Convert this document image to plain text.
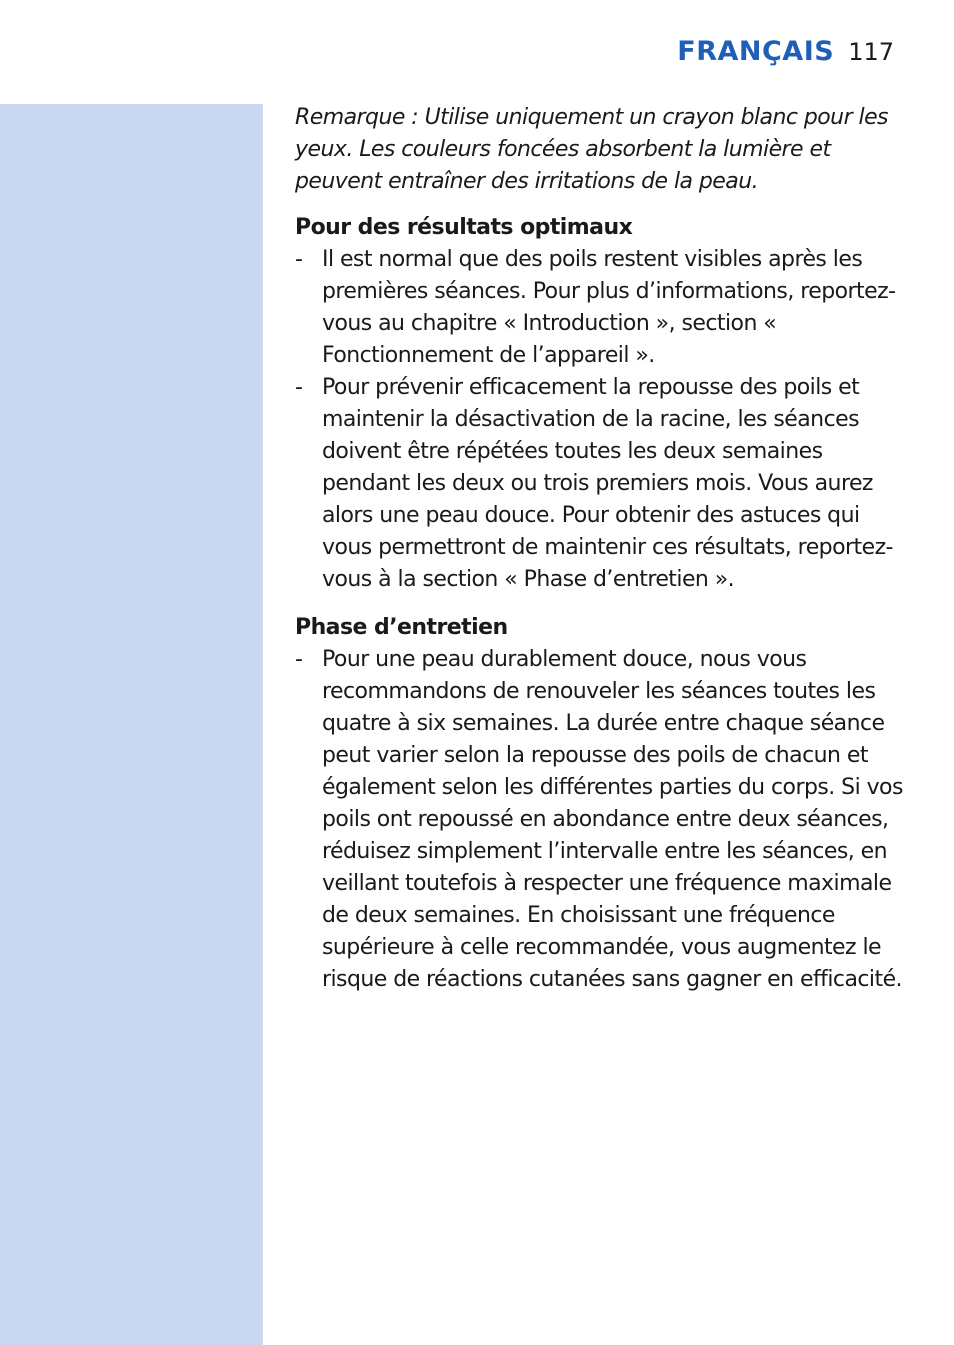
FRANÇAIS 117

Remarque : Utilise uniquement un crayon blanc pour les yeux. Les couleurs foncées absorbent la lumière et peuvent entraîner des irritations de la peau.

Pour des résultats optimaux

- Il est normal que des poils restent visibles après les premières séances. Pour plus d’informations, reportez-vous au chapitre « Introduction », section « Fonctionnement de l’appareil ».
- Pour prévenir efficacement la repousse des poils et maintenir la désactivation de la racine, les séances doivent être répétées toutes les deux semaines pendant les deux ou trois premiers mois. Vous aurez alors une peau douce. Pour obtenir des astuces qui vous permettront de maintenir ces résultats, reportez-vous à la section « Phase d’entretien ».

Phase d’entretien

- Pour une peau durablement douce, nous vous recommandons de renouveler les séances toutes les quatre à six semaines. La durée entre chaque séance peut varier selon la repousse des poils de chacun et également selon les différentes parties du corps. Si vos poils ont repoussé en abondance entre deux séances, réduisez simplement l’intervalle entre les séances, en veillant toutefois à respecter une fréquence maximale de deux semaines. En choisissant une fréquence supérieure à celle recommandée, vous augmentez le risque de réactions cutanées sans gagner en efficacité.
